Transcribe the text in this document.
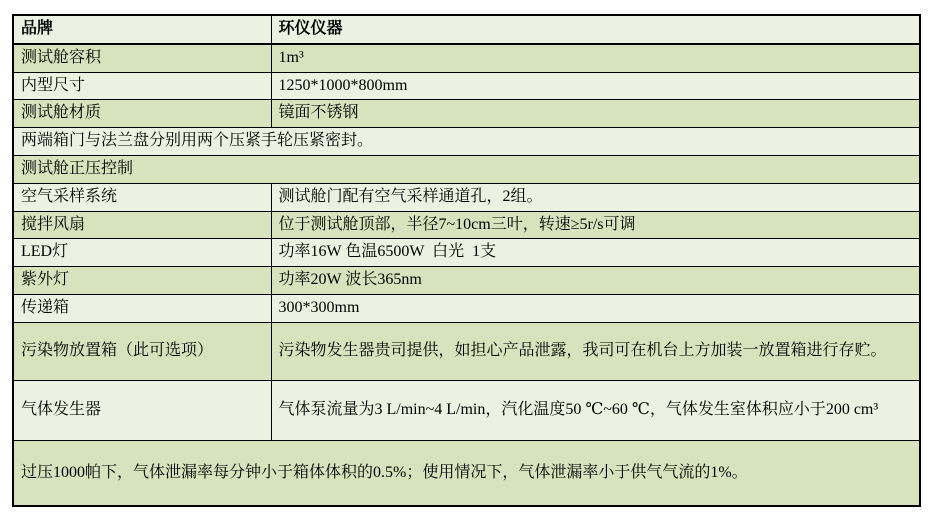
品牌	环仪仪器
测试舱容积	1m³
内型尺寸	1250*1000*800mm
测试舱材质	镜面不锈钢
两端箱门与法兰盘分别用两个压紧手轮压紧密封。	
测试舱正压控制	
空气采样系统	测试舱门配有空气采样通道孔，2组。
搅拌风扇	位于测试舱顶部，半径7~10cm三叶，转速≥5r/s可调
LED灯	功率16W 色温6500W  白光  1支
紫外灯	功率20W 波长365nm
传递箱	300*300mm
污染物放置箱（此可选项）	污染物发生器贵司提供，如担心产品泄露，我司可在机台上方加装一放置箱进行存贮。
气体发生器	气体泵流量为3 L/min~4 L/min，汽化温度50 ℃~60 ℃，气体发生室体积应小于200 cm³
过压1000帕下，气体泄漏率每分钟小于箱体体积的0.5%；使用情况下，气体泄漏率小于供气气流的1%。	
